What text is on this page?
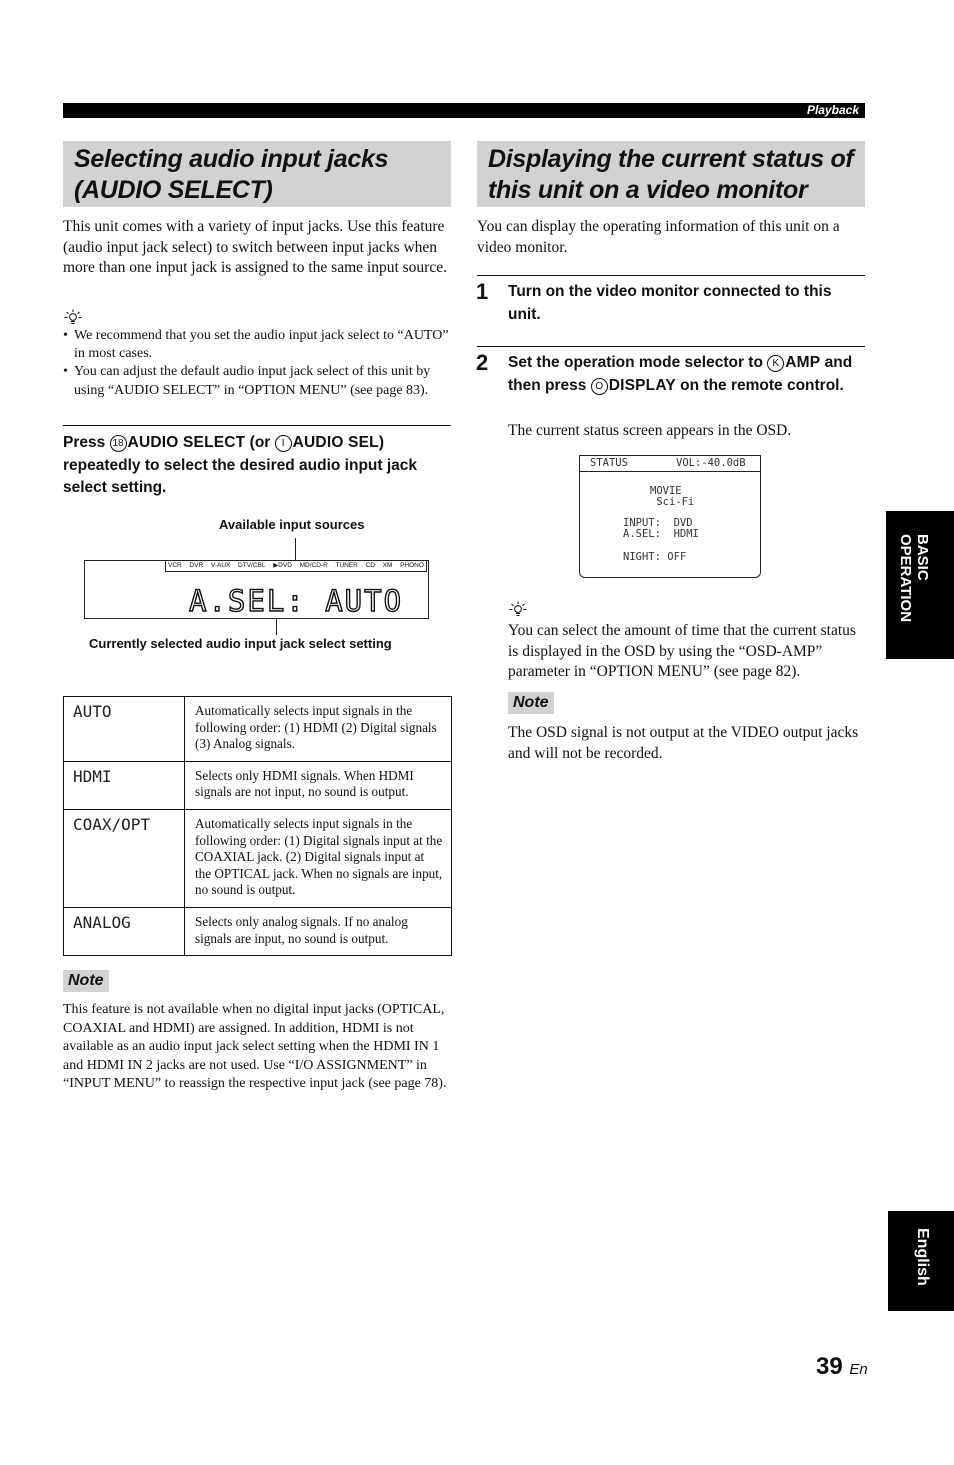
Playback
Selecting audio input jacks
(AUDIO SELECT)

This unit comes with a variety of input jacks. Use this feature (audio input jack select) to switch between input jacks when more than one input jack is assigned to the same input source.

• We recommend that you set the audio input jack select to “AUTO” in most cases.
• You can adjust the default audio input jack select of this unit by using “AUDIO SELECT” in “OPTION MENU” (see page 83).
Press 18 AUDIO SELECT (or I AUDIO SEL) repeatedly to select the desired audio input jack select setting.
Available input sources
VCR DVR V-AUX DTV/CBL ▶DVD MD/CD-R TUNER CD XM PHONO
A.SEL: AUTO
Currently selected audio input jack select setting
AUTO	Automatically selects input signals in the following order: (1) HDMI (2) Digital signals (3) Analog signals.
HDMI	Selects only HDMI signals. When HDMI signals are not input, no sound is output.
COAX/OPT	Automatically selects input signals in the following order: (1) Digital signals input at the COAXIAL jack. (2) Digital signals input at the OPTICAL jack. When no signals are input, no sound is output.
ANALOG	Selects only analog signals. If no analog signals are input, no sound is output.
Note

This feature is not available when no digital input jacks (OPTICAL, COAXIAL and HDMI) are assigned. In addition, HDMI is not available as an audio input jack select setting when the HDMI IN 1 and HDMI IN 2 jacks are not used. Use “I/O ASSIGNMENT” in “INPUT MENU” to reassign the respective input jack (see page 78).

Displaying the current status of
this unit on a video monitor

You can display the operating information of this unit on a video monitor.

1 Turn on the video monitor connected to this unit.
2 Set the operation mode selector to K AMP and then press O DISPLAY on the remote control.

The current status screen appears in the OSD.

STATUS	VOL:-40.0dB
MOVIE
Sci-Fi
INPUT:  DVD
A.SEL:  HDMI

NIGHT: OFF

You can select the amount of time that the current status is displayed in the OSD by using the “OSD-AMP” parameter in “OPTION MENU” (see page 82).

Note

The OSD signal is not output at the VIDEO output jacks and will not be recorded.

BASIC
OPERATION
English
39 En
